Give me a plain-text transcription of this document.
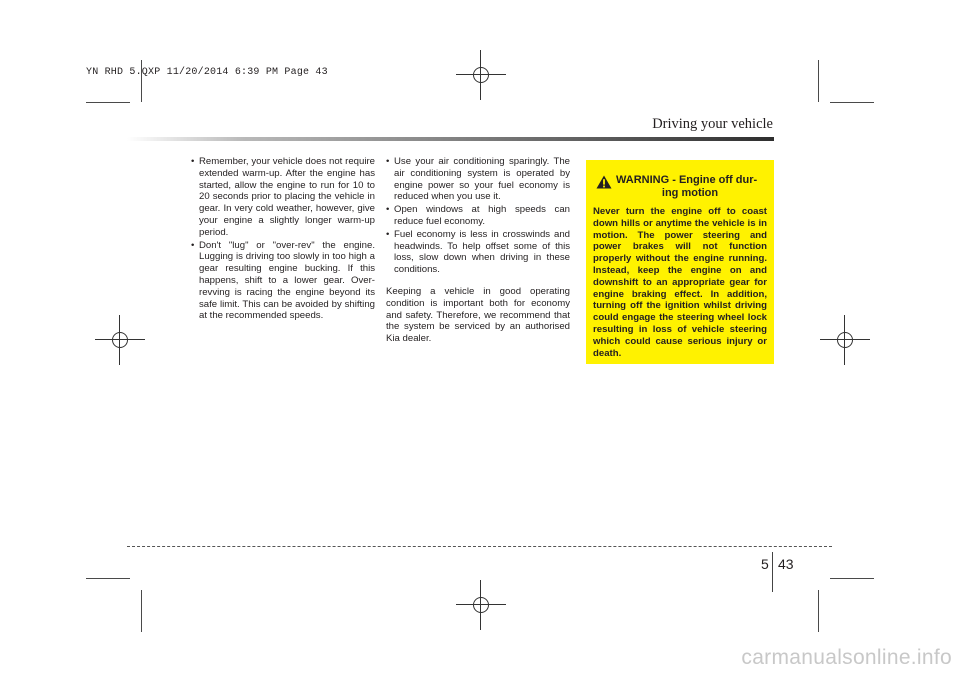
YN RHD 5.QXP 11/20/2014 6:39 PM Page 43
Driving your vehicle
• Remember, your vehicle does not require extended warm-up. After the engine has started, allow the engine to run for 10 to 20 seconds prior to placing the vehicle in gear. In very cold weather, however, give your engine a slightly longer warm-up period.
• Don't "lug" or "over-rev" the engine. Lugging is driving too slowly in too high a gear resulting engine bucking. If this happens, shift to a lower gear. Over-revving is racing the engine beyond its safe limit. This can be avoided by shifting at the recommended speeds.
• Use your air conditioning sparingly. The air conditioning system is operated by engine power so your fuel economy is reduced when you use it.
• Open windows at high speeds can reduce fuel economy.
• Fuel economy is less in crosswinds and headwinds. To help offset some of this loss, slow down when driving in these conditions.

Keeping a vehicle in good operating condition is important both for economy and safety. Therefore, we recommend that the system be serviced by an authorised Kia dealer.

WARNING - Engine off dur-
ing motion
Never turn the engine off to coast down hills or anytime the vehicle is in motion. The power steering and power brakes will not function properly without the engine running. Instead, keep the engine on and downshift to an appropriate gear for engine braking effect. In addition, turning off the ignition whilst driving could engage the steering wheel lock resulting in loss of vehicle steering which could cause serious injury or death.
5 43
carmanualsonline.info
